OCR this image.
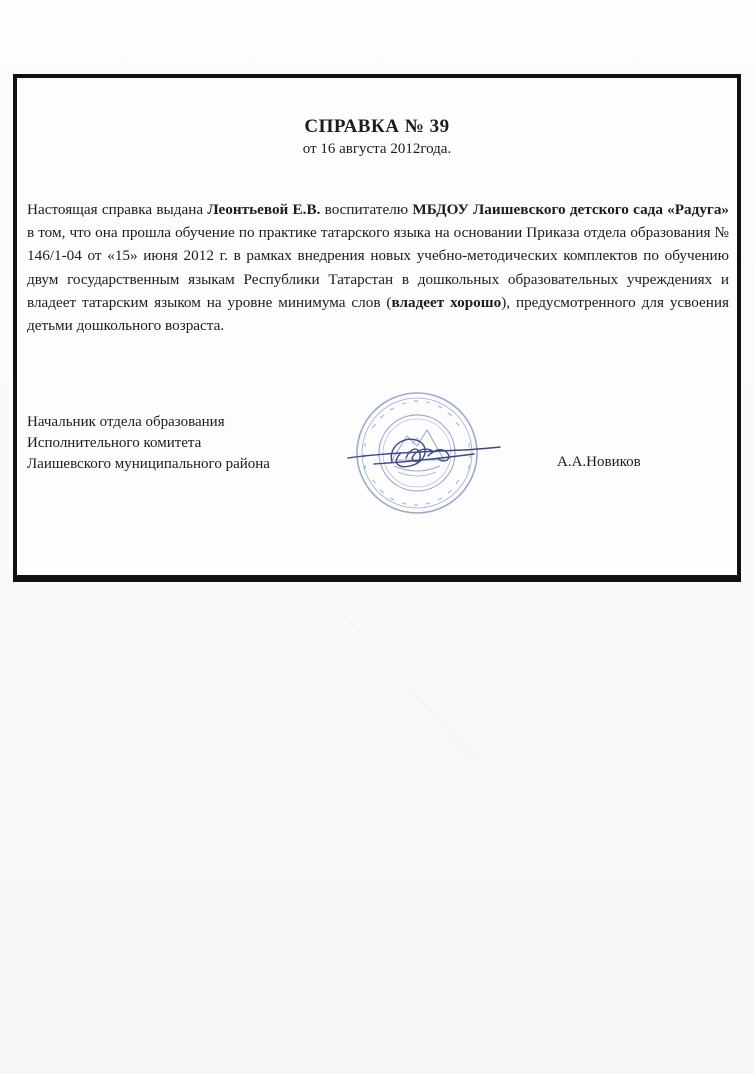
СПРАВКА № 39
от 16 августа 2012года.
Настоящая справка выдана Леонтьевой Е.В. воспитателю МБДОУ Лаишевского детского сада «Радуга» в том, что она прошла обучение по практике татарского языка на основании Приказа отдела образования № 146/1-04 от «15» июня 2012 г. в рамках внедрения новых учебно-методических комплектов по обучению двум государственным языкам Республики Татарстан в дошкольных образовательных учреждениях и владеет татарским языком на уровне минимума слов (владеет хорошо), предусмотренного для усвоения детьми дошкольного возраста.
Начальник отдела образования
Исполнительного комитета
Лаишевского муниципального района	А.А.Новиков
